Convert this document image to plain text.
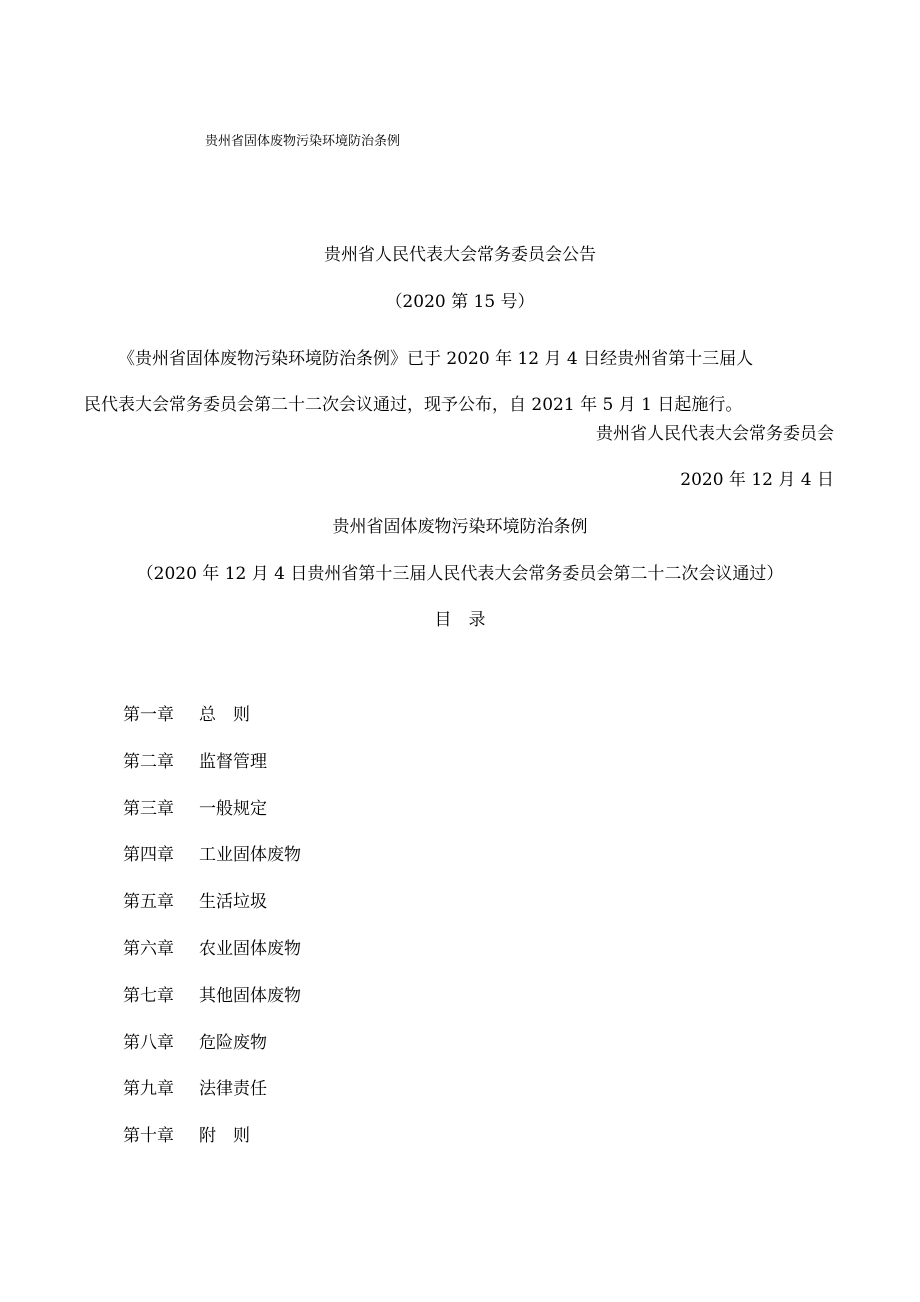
贵州省固体废物污染环境防治条例
贵州省人民代表大会常务委员会公告
（2020 第 15 号）

《贵州省固体废物污染环境防治条例》已于 2020 年 12 月 4 日经贵州省第十三届人

民代表大会常务委员会第二十二次会议通过，现予公布，自 2021 年 5 月 1 日起施行。

贵州省人民代表大会常务委员会
2020 年 12 月 4 日
贵州省固体废物污染环境防治条例
（2020 年 12 月 4 日贵州省第十三届人民代表大会常务委员会第二十二次会议通过）
目　录
第一章 总　则
第二章 监督管理
第三章 一般规定
第四章 工业固体废物
第五章 生活垃圾
第六章 农业固体废物
第七章 其他固体废物
第八章 危险废物
第九章 法律责任
第十章 附　则
